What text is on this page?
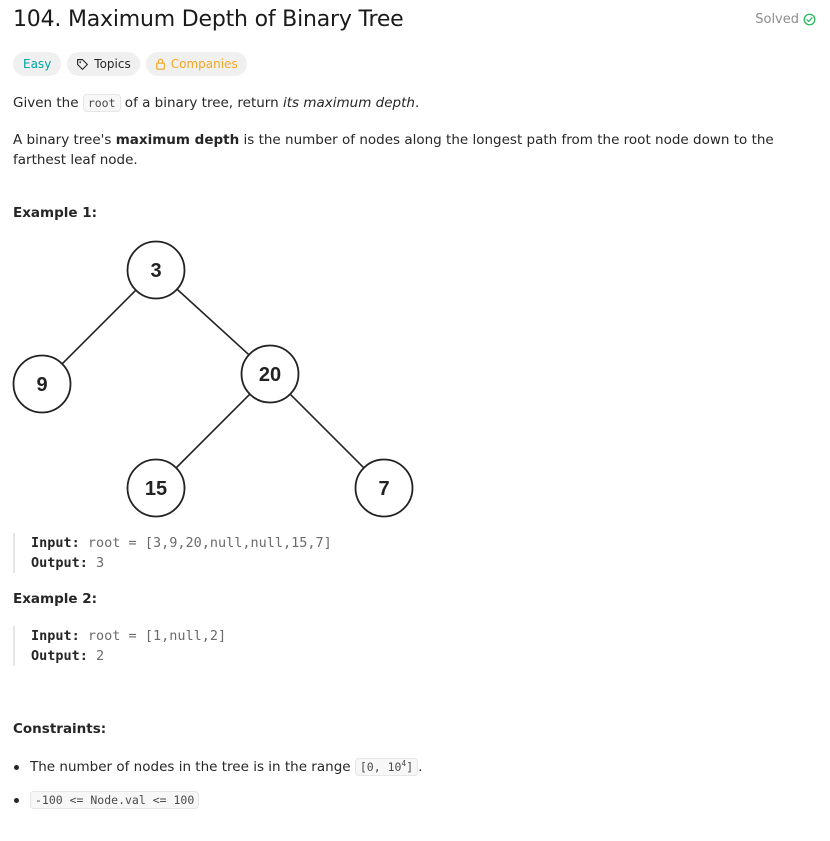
104. Maximum Depth of Binary Tree	Solved
Easy	Topics	Companies
Given the root of a binary tree, return its maximum depth.
A binary tree's maximum depth is the number of nodes along the longest path from the root node down to the farthest leaf node.
Example 1:
3
9	20
15	7
Input: root = [3,9,20,null,null,15,7]
Output: 3
Example 2:
Input: root = [1,null,2]
Output: 2
Constraints:
The number of nodes in the tree is in the range
[0, $10^4$] .
-100 <= Node.val <= 100
